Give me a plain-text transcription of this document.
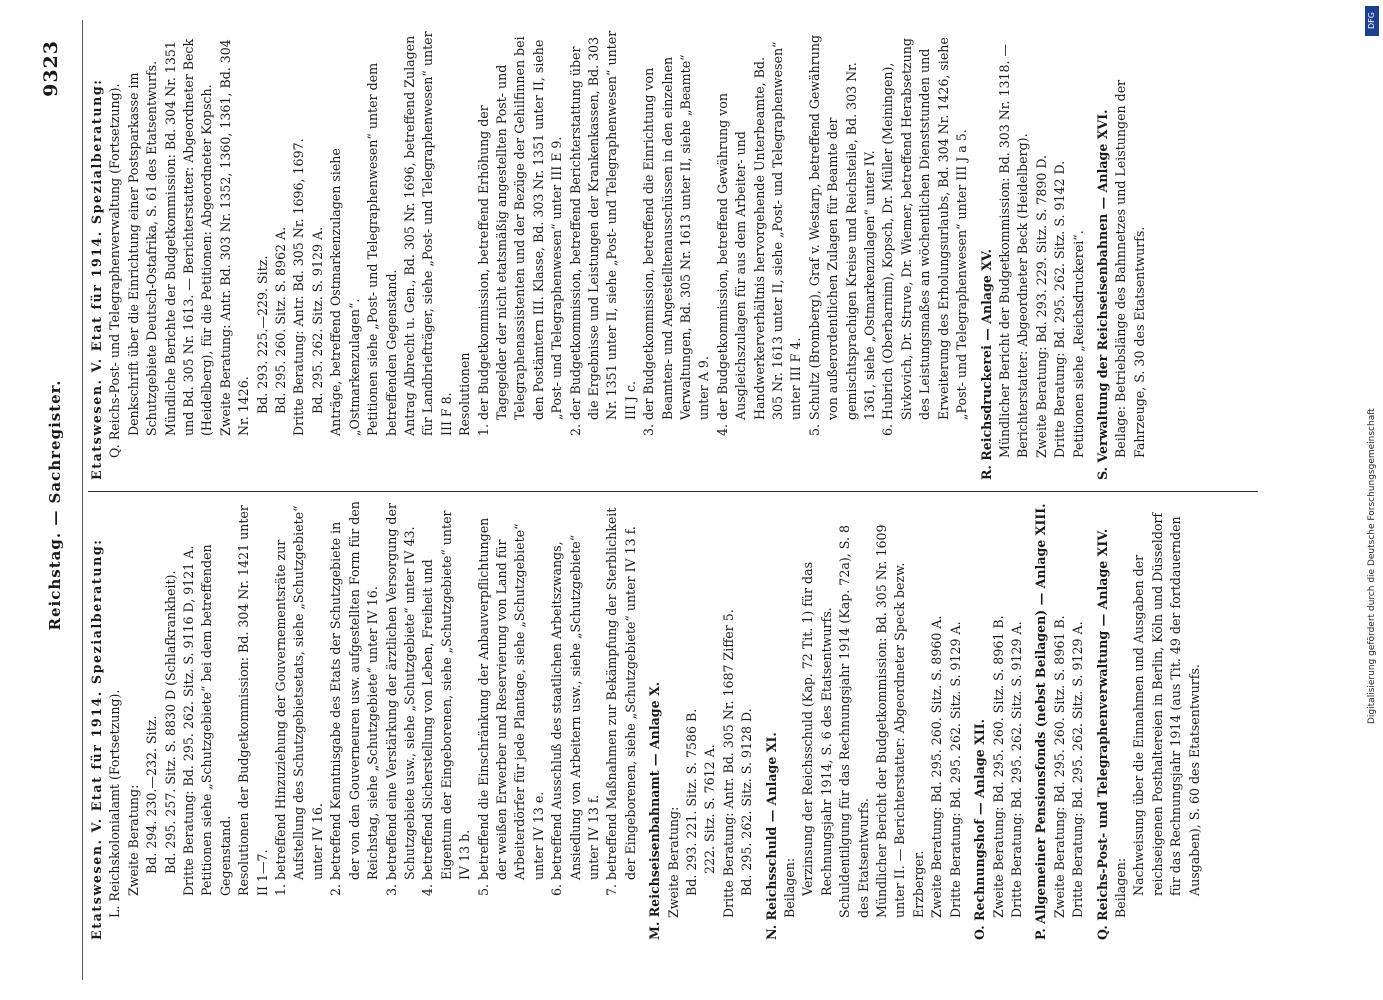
DFG
Digitalisierung gefördert durch die Deutsche Forschungsgemeinschaft
Reichstag. — Sachregister.
9323
Etatswesen. V. Etat für 1914. Spezialberatung: L. Reichskolonialamt (Fortsetzung). Zweite Beratung: Bd. 294. 230.—232. Sitz. Bd. 295. 257. Sitz. S. 8830 D (Schlafkrankheit). Dritte Beratung: Bd. 295. 262. Sitz. S. 9116 D, 9121 A. Petitionen siehe „Schutzgebiete“ bei dem betreffenden Gegenstand. Resolutionen der Budgetkommission: Bd. 304 Nr. 1421 unter II 1—7. 1.
betreffend Hinzuziehung der Gouvernementsräte zur Aufstellung des Schutzgebietsetats, siehe „Schutzgebiete“ unter IV 16.
2.
betreffend Kenntnisgabe des Etats der Schutzgebiete in der von den Gouverneuren usw. aufgestellten Form für den Reichstag, siehe „Schutzgebiete“ unter IV 16.
3.
betreffend eine Verstärkung der ärztlichen Versorgung der Schutzgebiete usw., siehe „Schutzgebiete“ unter IV 43.
4.
betreffend Sicherstellung von Leben, Freiheit und Eigentum der Eingeborenen, siehe „Schutzgebiete“ unter IV 13 b.
5.
betreffend die Einschränkung der Anbauverpflichtungen der weißen Erwerber und Reservierung von Land für Arbeiterdörfer für jede Plantage, siehe „Schutzgebiete“ unter IV 13 e.
6.
betreffend Ausschluß des staatlichen Arbeitszwangs, Ansiedlung von Arbeitern usw., siehe „Schutzgebiete“ unter IV 13 f.
7.
betreffend Maßnahmen zur Bekämpfung der Sterblichkeit der Eingeborenen, siehe „Schutzgebiete“ unter IV 13 f. M. Reichseisenbahnamt — Anlage X. Zweite Beratung: Bd. 293. 221. Sitz. S. 7586 B. 222. Sitz. S. 7612 A. Dritte Beratung: Antr. Bd. 305 Nr. 1687 Ziffer 5. Bd. 295. 262. Sitz. S. 9128 D. N. Reichsschuld — Anlage XI. Beilagen: Verzinsung der Reichsschuld (Kap. 72 Tit. 1) für das Rechnungsjahr 1914, S. 6 des Etatsentwurfs. Schuldentilgung für das Rechnungsjahr 1914 (Kap. 72a), S. 8 des Etatsentwurfs. Mündlicher Bericht der Budgetkommission: Bd. 305 Nr. 1609 unter II. — Berichterstatter: Abgeordneter Speck bezw. Erzberger. Zweite Beratung: Bd. 295. 260. Sitz. S. 8960 A. Dritte Beratung: Bd. 295. 262. Sitz. S. 9129 A. O. Rechnungshof — Anlage XII. Zweite Beratung: Bd. 295. 260. Sitz. S. 8961 B. Dritte Beratung: Bd. 295. 262. Sitz. S. 9129 A. P. Allgemeiner Pensionsfonds (nebst Beilagen) — Anlage XIII. Zweite Beratung: Bd. 295. 260. Sitz. S. 8961 B. Dritte Beratung: Bd. 295. 262. Sitz. S. 9129 A. Q. Reichs-Post- und Telegraphenverwaltung — Anlage XIV. Beilagen: Nachweisung über die Einnahmen und Ausgaben der reichseigenen Posthaltereien in Berlin, Köln und Düsseldorf für das Rechnungsjahr 1914 (aus Tit. 49 der fortdauernden Ausgaben), S. 60 des Etatsentwurfs.
Etatswesen. V. Etat für 1914. Spezialberatung: Q. Reichs-Post- und Telegraphenverwaltung (Fortsetzung). Denkschrift über die Einrichtung einer Postsparkasse im Schutzgebiete Deutsch-Ostafrika, S. 61 des Etatsentwurfs. Mündliche Berichte der Budgetkommission: Bd. 304 Nr. 1351 und Bd. 305 Nr. 1613. — Berichterstatter: Abgeordneter Beck (Heidelberg), für die Petitionen: Abgeordneter Kopsch. Zweite Beratung: Antr. Bd. 303 Nr. 1352, 1360, 1361, Bd. 304 Nr. 1426. Bd. 293. 225.—229. Sitz. Bd. 295. 260. Sitz. S. 8962 A. Dritte Beratung: Antr. Bd. 305 Nr. 1696, 1697. Bd. 295. 262. Sitz. S. 9129 A. Anträge, betreffend Ostmarkenzulagen siehe „Ostmarkenzulagen“. Petitionen siehe „Post- und Telegraphenwesen“ unter dem betreffenden Gegenstand. Antrag Albrecht u. Gen., Bd. 305 Nr. 1696, betreffend Zulagen für Landbriefträger, siehe „Post- und Telegraphenwesen“ unter III F 8. Resolutionen 1.
der Budgetkommission, betreffend Erhöhung der Tagegelder der nicht etatsmäßig angestellten Post- und Telegraphenassistenten und der Bezüge der Gehilfinnen bei den Postämtern III. Klasse, Bd. 303 Nr. 1351 unter II, siehe „Post- und Telegraphenwesen“ unter III E 9.
2.
der Budgetkommission, betreffend Berichterstattung über die Ergebnisse und Leistungen der Krankenkassen, Bd. 303 Nr. 1351 unter II, siehe „Post- und Telegraphenwesen“ unter III J c.
3.
der Budgetkommission, betreffend die Einrichtung von Beamten- und Angestelltenausschüssen in den einzelnen Verwaltungen, Bd. 305 Nr. 1613 unter II, siehe „Beamte“ unter A 9.
4.
der Budgetkommission, betreffend Gewährung von Ausgleichszulagen für aus dem Arbeiter- und Handwerkerverhältnis hervorgehende Unterbeamte, Bd. 305 Nr. 1613 unter II, siehe „Post- und Telegraphenwesen“ unter III F 4.
5.
Schultz (Bromberg), Graf v. Westarp, betreffend Gewährung von außerordentlichen Zulagen für Beamte der gemischtsprachigen Kreise und Reichsteile, Bd. 303 Nr. 1361, siehe „Ostmarkenzulagen“ unter IV.
6.
Hubrich (Oberbarnim), Kopsch, Dr. Müller (Meiningen), Sivkovich, Dr. Struve, Dr. Wiemer, betreffend Herabsetzung des Leistungsmaßes an wöchentlichen Dienststunden und Erweiterung des Erholungsurlaubs, Bd. 304 Nr. 1426, siehe „Post- und Telegraphenwesen“ unter III J a 5. R. Reichsdruckerei — Anlage XV. Mündlicher Bericht der Budgetkommission: Bd. 303 Nr. 1318. — Berichterstatter: Abgeordneter Beck (Heidelberg). Zweite Beratung: Bd. 293. 229. Sitz. S. 7890 D. Dritte Beratung: Bd. 295. 262. Sitz. S. 9142 D. Petitionen siehe „Reichsdruckerei“. S. Verwaltung der Reichseisenbahnen — Anlage XVI. Beilage: Betriebslänge des Bahnnetzes und Leistungen der Fahrzeuge, S. 30 des Etatsentwurfs.
